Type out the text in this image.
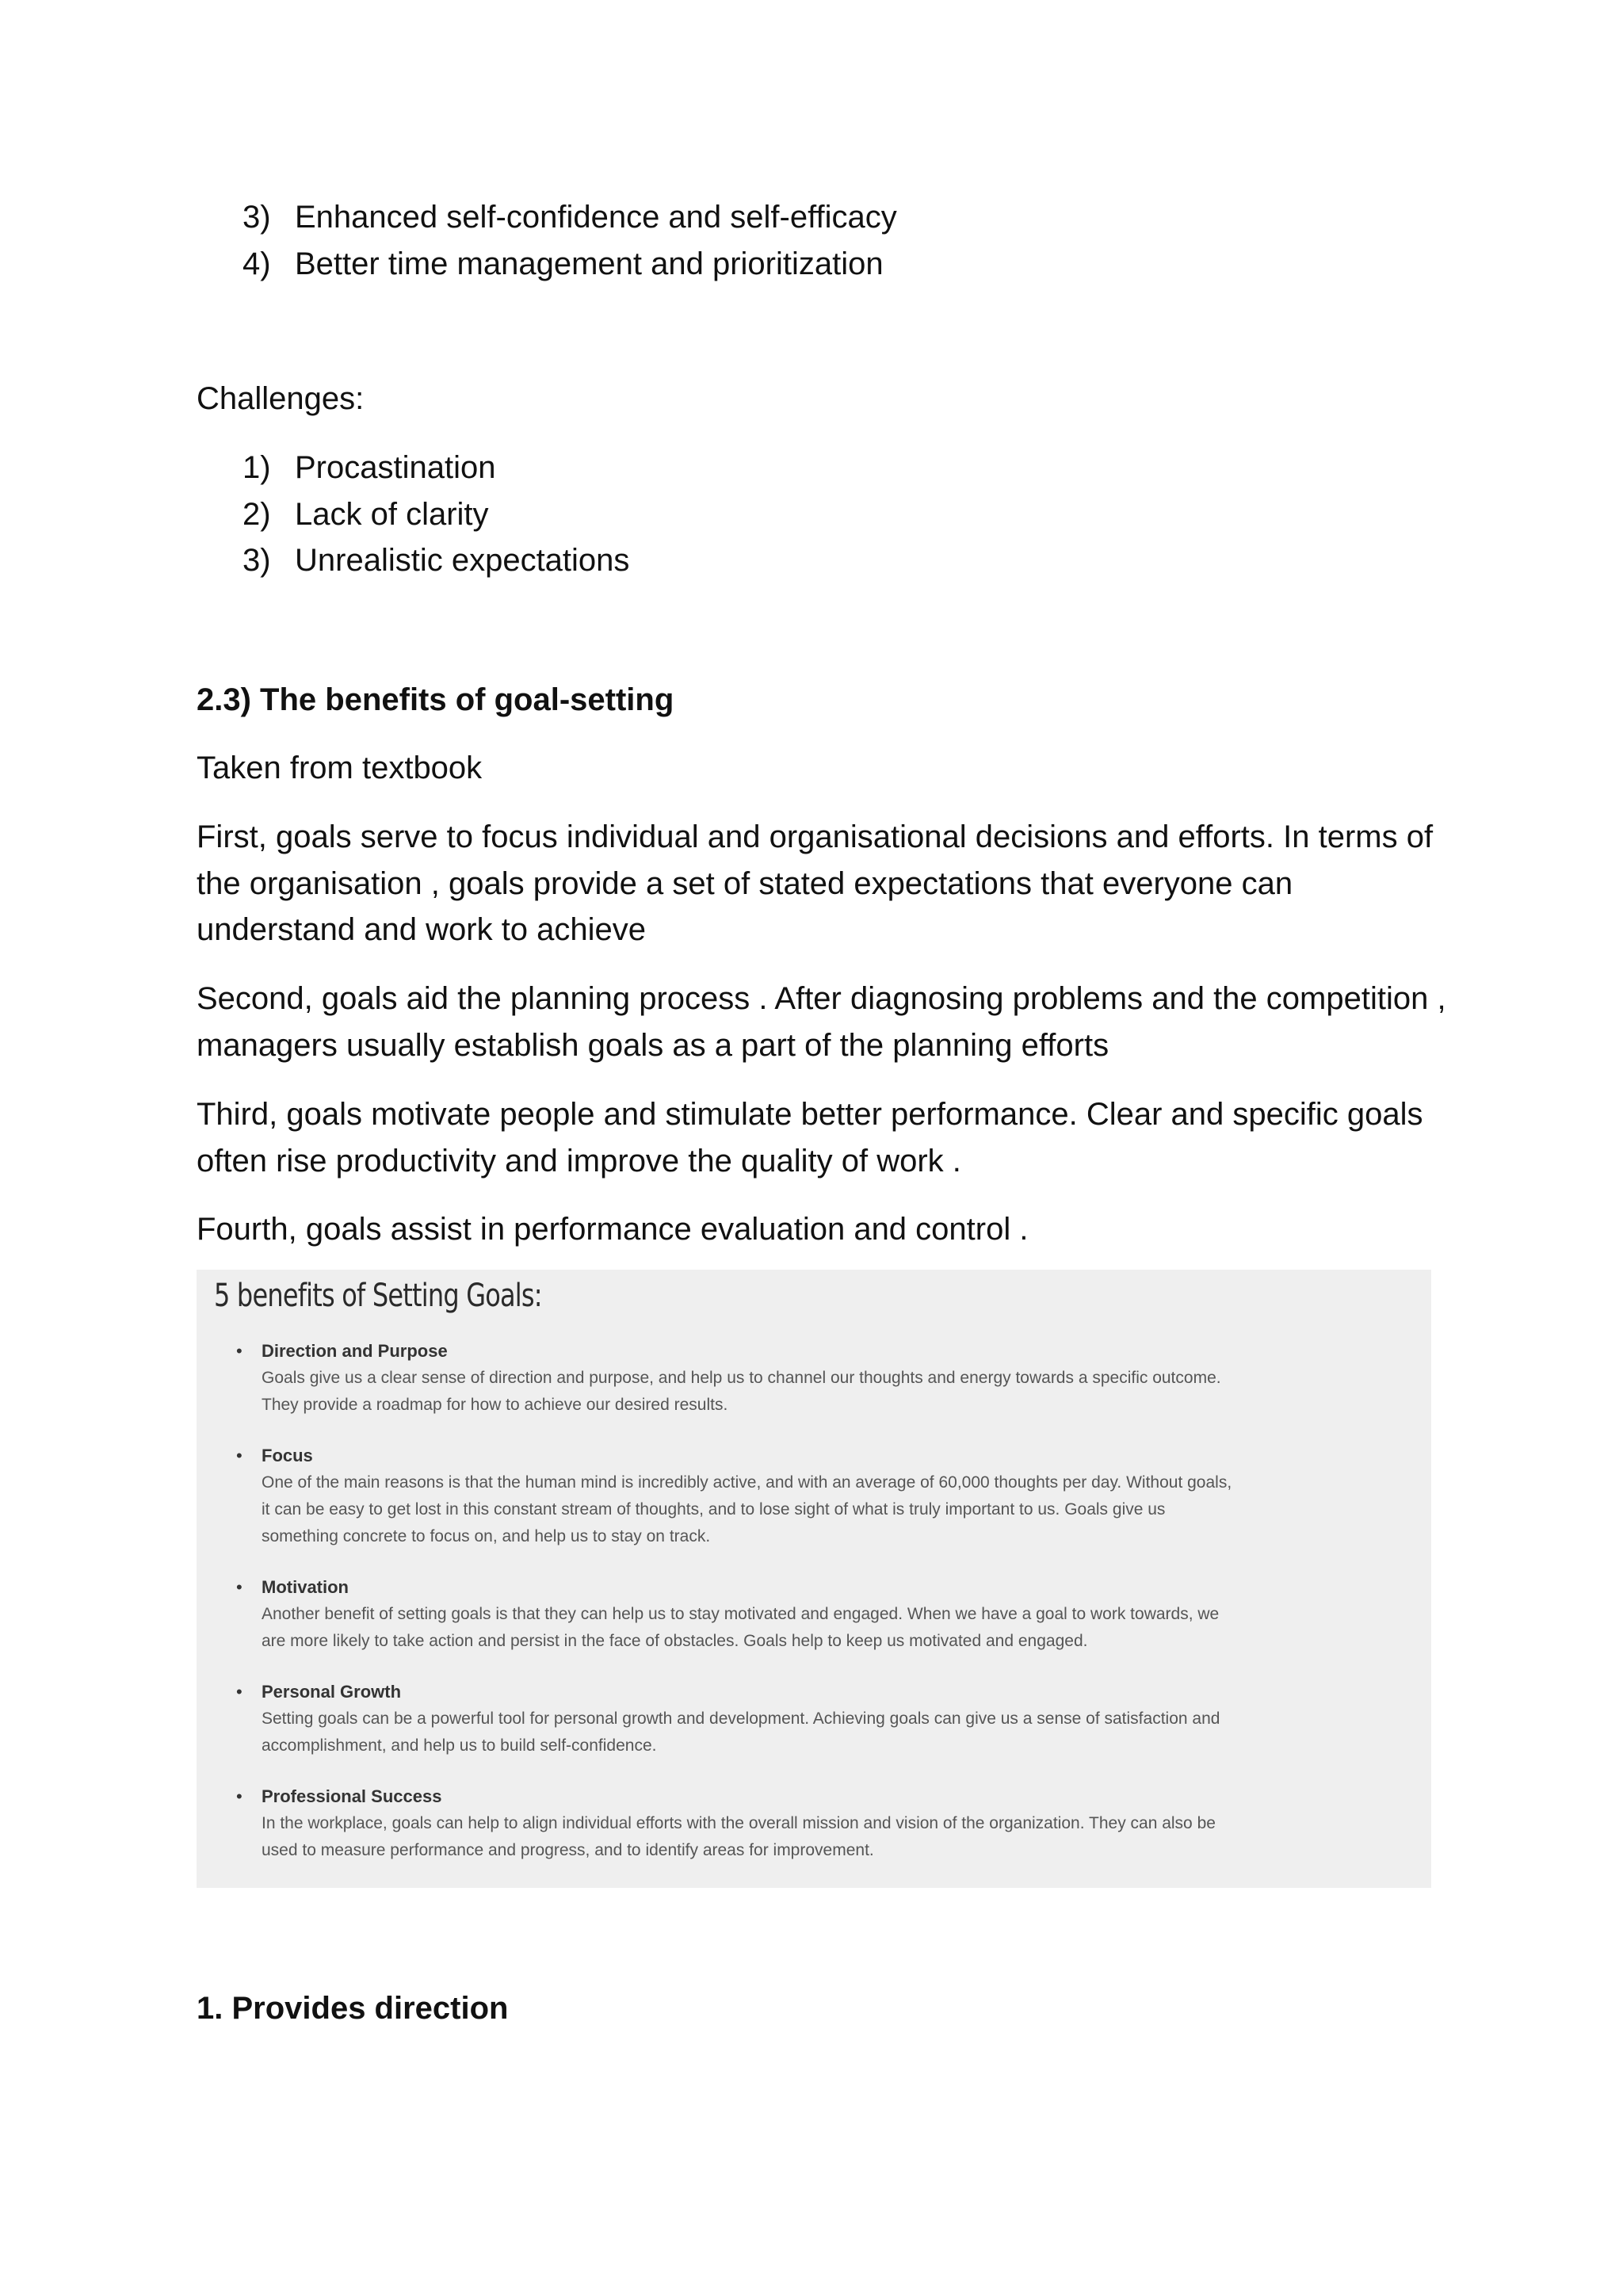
3) Enhanced self-confidence and self-efficacy
4) Better time management and prioritization

Challenges:

1) Procastination
2) Lack of clarity
3) Unrealistic expectations
2.3) The benefits of goal-setting

Taken from textbook

First, goals serve to focus individual and organisational decisions and efforts. In terms of the organisation , goals provide a set of stated expectations that everyone can understand and work to achieve

Second, goals aid the planning process . After diagnosing problems and the competition , managers usually establish goals as a part of the planning efforts

Third, goals motivate people and stimulate better performance. Clear and specific goals often rise productivity and improve the quality of work .

Fourth, goals assist in performance evaluation and control .

5 benefits of Setting Goals:
• Direction and Purpose
Goals give us a clear sense of direction and purpose, and help us to channel our thoughts and energy towards a specific outcome.
They provide a roadmap for how to achieve our desired results.
• Focus
One of the main reasons is that the human mind is incredibly active, and with an average of 60,000 thoughts per day. Without goals,
it can be easy to get lost in this constant stream of thoughts, and to lose sight of what is truly important to us. Goals give us
something concrete to focus on, and help us to stay on track.
• Motivation
Another benefit of setting goals is that they can help us to stay motivated and engaged. When we have a goal to work towards, we
are more likely to take action and persist in the face of obstacles. Goals help to keep us motivated and engaged.
• Personal Growth
Setting goals can be a powerful tool for personal growth and development. Achieving goals can give us a sense of satisfaction and
accomplishment, and help us to build self-confidence.
• Professional Success
In the workplace, goals can help to align individual efforts with the overall mission and vision of the organization. They can also be
used to measure performance and progress, and to identify areas for improvement.
1. Provides direction
